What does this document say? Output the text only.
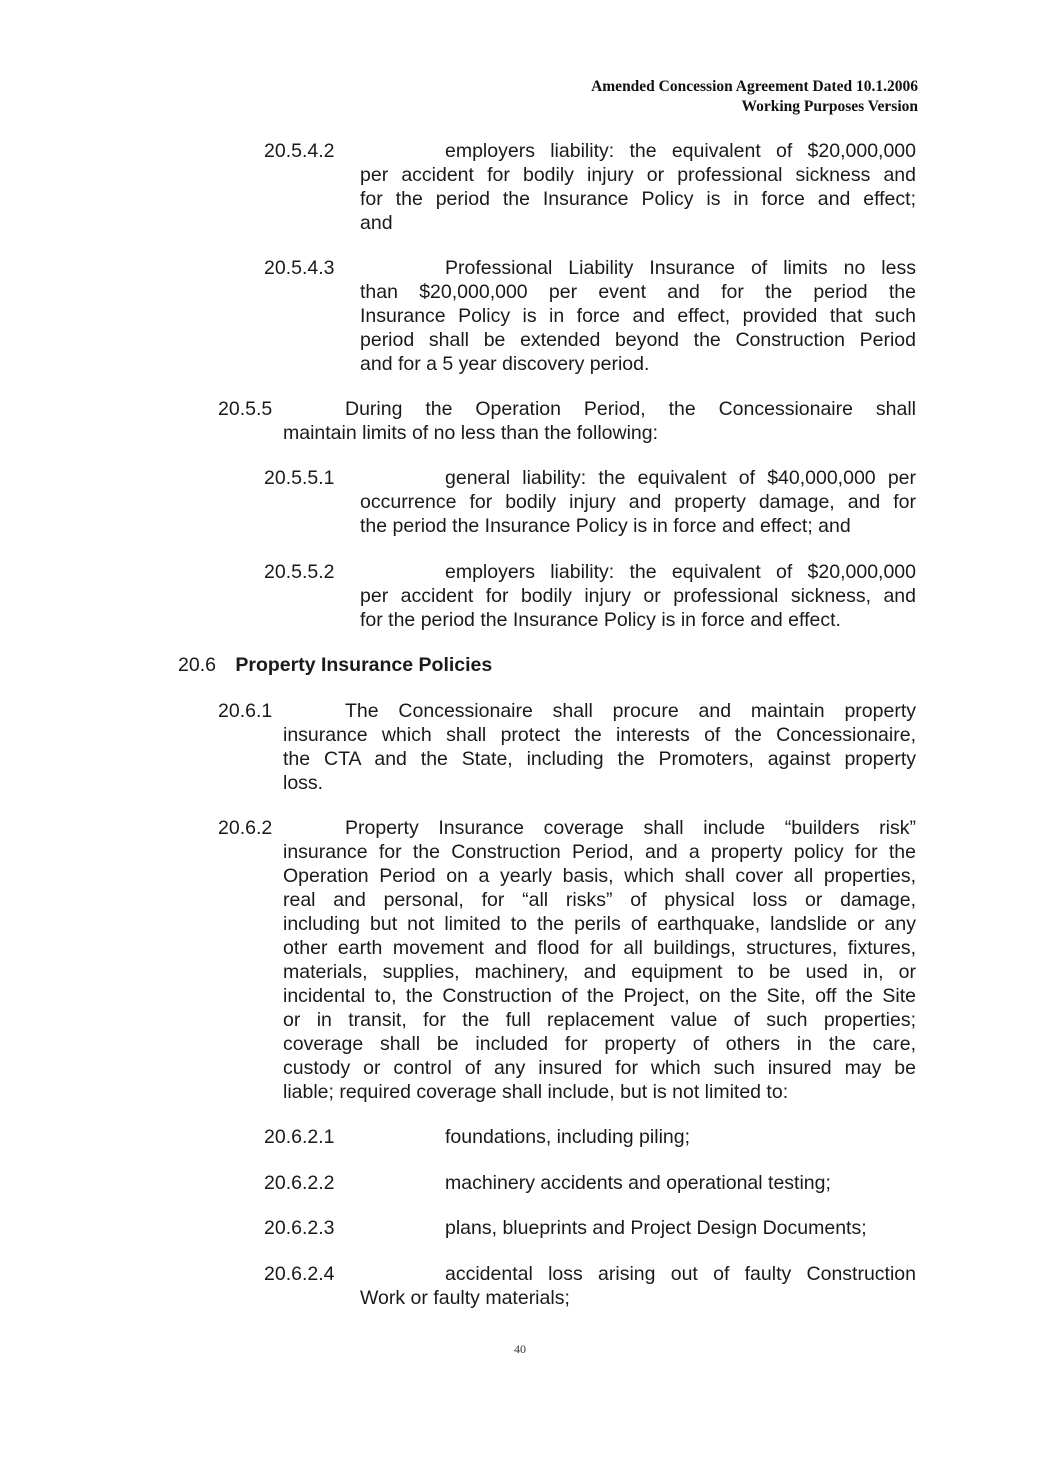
Amended Concession Agreement Dated 10.1.2006
Working Purposes Version
20.5.4.2	employers liability: the equivalent of $20,000,000
per accident for bodily injury or professional sickness and
for the period the Insurance Policy is in force and effect;
and
20.5.4.3	Professional Liability Insurance of limits no less
than $20,000,000 per event and for the period the
Insurance Policy is in force and effect, provided that such
period shall be extended beyond the Construction Period
and for a 5 year discovery period.
20.5.5	During the Operation Period, the Concessionaire shall
maintain limits of no less than the following:
20.5.5.1	general liability: the equivalent of $40,000,000 per
occurrence for bodily injury and property damage, and for
the period the Insurance Policy is in force and effect; and
20.5.5.2	employers liability: the equivalent of $20,000,000
per accident for bodily injury or professional sickness, and
for the period the Insurance Policy is in force and effect.
20.6 Property Insurance Policies
20.6.1	The Concessionaire shall procure and maintain property
insurance which shall protect the interests of the Concessionaire,
the CTA and the State, including the Promoters, against property
loss.
20.6.2	Property Insurance coverage shall include “builders risk”
insurance for the Construction Period, and a property policy for the
Operation Period on a yearly basis, which shall cover all properties,
real and personal, for “all risks” of physical loss or damage,
including but not limited to the perils of earthquake, landslide or any
other earth movement and flood for all buildings, structures, fixtures,
materials, supplies, machinery, and equipment to be used in, or
incidental to, the Construction of the Project, on the Site, off the Site
or in transit, for the full replacement value of such properties;
coverage shall be included for property of others in the care,
custody or control of any insured for which such insured may be
liable; required coverage shall include, but is not limited to:
20.6.2.1	foundations, including piling;
20.6.2.2	machinery accidents and operational testing;
20.6.2.3	plans, blueprints and Project Design Documents;
20.6.2.4	accidental loss arising out of faulty Construction
Work or faulty materials;
40
